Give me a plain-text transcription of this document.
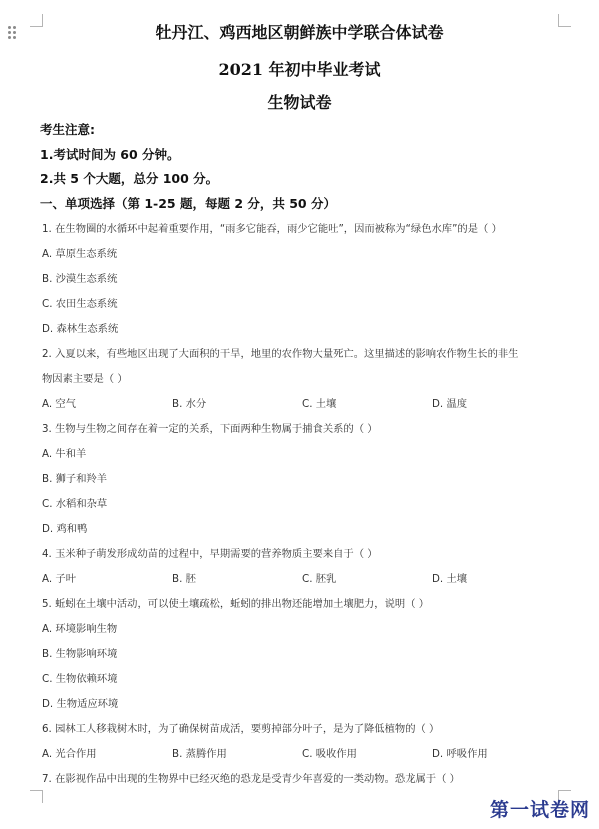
牡丹江、鸡西地区朝鲜族中学联合体试卷
2021 年初中毕业考试
生物试卷
考生注意:
1.考试时间为 60 分钟。
2.共 5 个大题，总分 100 分。
一、单项选择（第 1-25 题，每题 2 分，共 50 分）
1. 在生物圈的水循环中起着重要作用，“雨多它能吞，雨少它能吐”，因而被称为“绿色水库”的是（ ）
A. 草原生态系统
B. 沙漠生态系统
C. 农田生态系统
D. 森林生态系统
2. 入夏以来，有些地区出现了大面积的干旱，地里的农作物大量死亡。这里描述的影响农作物生长的非生
物因素主要是（ ）
A. 空气	B. 水分	C. 土壤	D. 温度
3. 生物与生物之间存在着一定的关系，下面两种生物属于捕食关系的（ ）
A. 牛和羊
B. 狮子和羚羊
C. 水稻和杂草
D. 鸡和鸭
4. 玉米种子萌发形成幼苗的过程中，早期需要的营养物质主要来自于（ ）
A. 子叶	B. 胚	C. 胚乳	D. 土壤
5. 蚯蚓在土壤中活动，可以使土壤疏松，蚯蚓的排出物还能增加土壤肥力，说明（ ）
A. 环境影响生物
B. 生物影响环境
C. 生物依赖环境
D. 生物适应环境
6. 园林工人移栽树木时，为了确保树苗成活，要剪掉部分叶子，是为了降低植物的（ ）
A. 光合作用	B. 蒸腾作用	C. 吸收作用	D. 呼吸作用
7. 在影视作品中出现的生物界中已经灭绝的恐龙是受青少年喜爱的一类动物。恐龙属于（ ）
第一试卷网
